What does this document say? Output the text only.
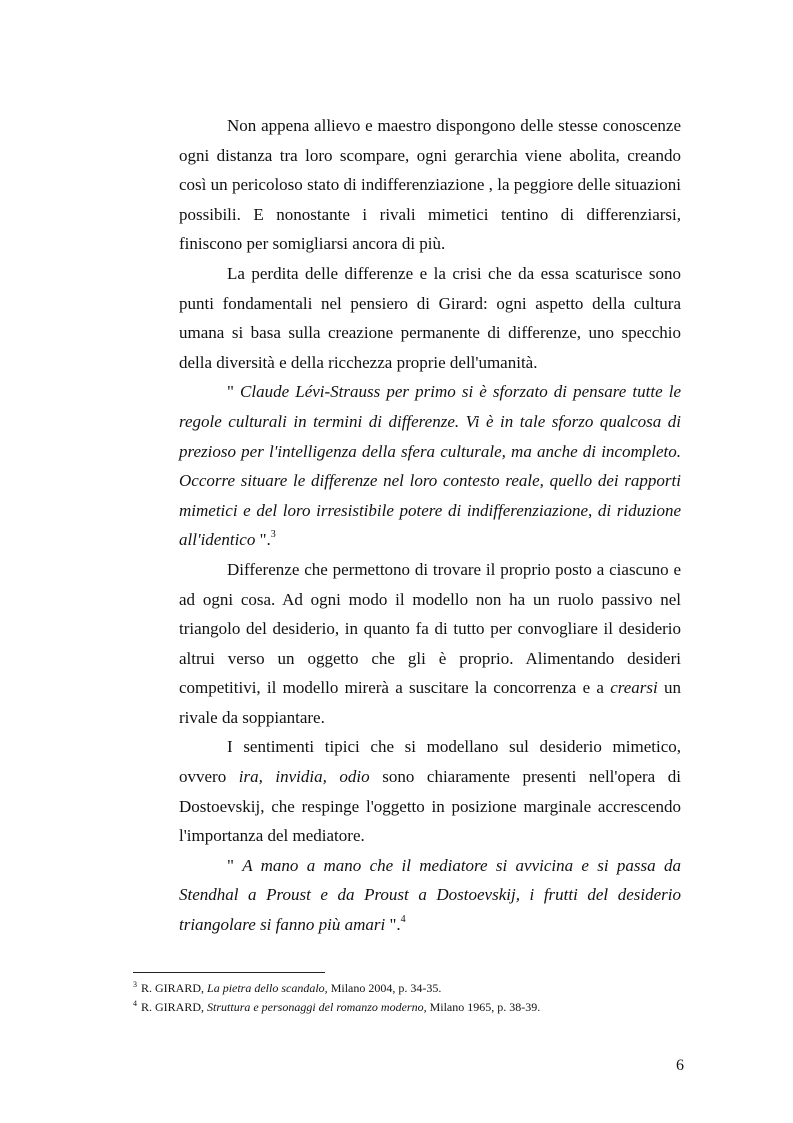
Non appena allievo e maestro dispongono delle stesse conoscenze ogni distanza tra loro scompare, ogni gerarchia viene abolita, creando così un pericoloso stato di indifferenziazione , la peggiore delle situazioni possibili. E nonostante i rivali mimetici tentino di differenziarsi, finiscono per somigliarsi ancora di più.

La perdita delle differenze e la crisi che da essa scaturisce sono punti fondamentali nel pensiero di Girard: ogni aspetto della cultura umana si basa sulla creazione permanente di differenze, uno specchio della diversità e della ricchezza proprie dell'umanità.

" Claude Lévi-Strauss per primo si è sforzato di pensare tutte le regole culturali in termini di differenze. Vi è in tale sforzo qualcosa di prezioso per l'intelligenza della sfera culturale, ma anche di incompleto. Occorre situare le differenze nel loro contesto reale, quello dei rapporti mimetici e del loro irresistibile potere di indifferenziazione, di riduzione all'identico ".$^3$

Differenze che permettono di trovare il proprio posto a ciascuno e ad ogni cosa. Ad ogni modo il modello non ha un ruolo passivo nel triangolo del desiderio, in quanto fa di tutto per convogliare il desiderio altrui verso un oggetto che gli è proprio. Alimentando desideri competitivi, il modello mirerà a suscitare la concorrenza e a crearsi un rivale da soppiantare.

I sentimenti tipici che si modellano sul desiderio mimetico, ovvero ira, invidia, odio sono chiaramente presenti nell'opera di Dostoevskij, che respinge l'oggetto in posizione marginale accrescendo l'importanza del mediatore.

" A mano a mano che il mediatore si avvicina e si passa da Stendhal a Proust e da Proust a Dostoevskij, i frutti del desiderio triangolare si fanno più amari ".$^4$

$^3$ R. GIRARD, La pietra dello scandalo, Milano 2004, p. 34-35.

$^4$ R. GIRARD, Struttura e personaggi del romanzo moderno, Milano 1965, p. 38-39.

6
